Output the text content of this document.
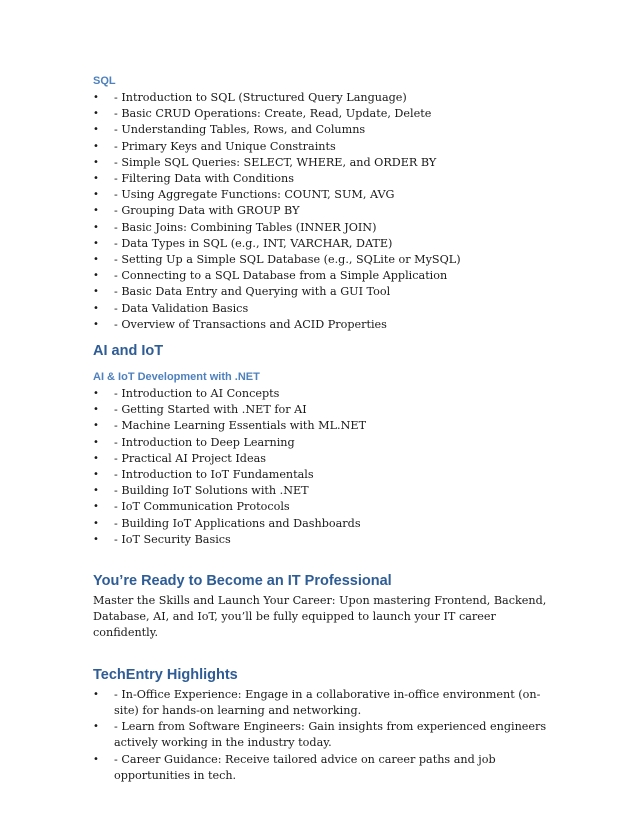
SQL
• - Introduction to SQL (Structured Query Language)
• - Basic CRUD Operations: Create, Read, Update, Delete
• - Understanding Tables, Rows, and Columns
• - Primary Keys and Unique Constraints
• - Simple SQL Queries: SELECT, WHERE, and ORDER BY
• - Filtering Data with Conditions
• - Using Aggregate Functions: COUNT, SUM, AVG
• - Grouping Data with GROUP BY
• - Basic Joins: Combining Tables (INNER JOIN)
• - Data Types in SQL (e.g., INT, VARCHAR, DATE)
• - Setting Up a Simple SQL Database (e.g., SQLite or MySQL)
• - Connecting to a SQL Database from a Simple Application
• - Basic Data Entry and Querying with a GUI Tool
• - Data Validation Basics
• - Overview of Transactions and ACID Properties
AI and IoT
AI & IoT Development with .NET
• - Introduction to AI Concepts
• - Getting Started with .NET for AI
• - Machine Learning Essentials with ML.NET
• - Introduction to Deep Learning
• - Practical AI Project Ideas
• - Introduction to IoT Fundamentals
• - Building IoT Solutions with .NET
• - IoT Communication Protocols
• - Building IoT Applications and Dashboards
• - IoT Security Basics
You’re Ready to Become an IT Professional

Master the Skills and Launch Your Career: Upon mastering Frontend, Backend, Database, AI, and IoT, you’ll be fully equipped to launch your IT career confidently.

TechEntry Highlights
• - In-Office Experience: Engage in a collaborative in-office environment (on-site) for hands-on learning and networking.
• - Learn from Software Engineers: Gain insights from experienced engineers actively working in the industry today.
• - Career Guidance: Receive tailored advice on career paths and job opportunities in tech.
